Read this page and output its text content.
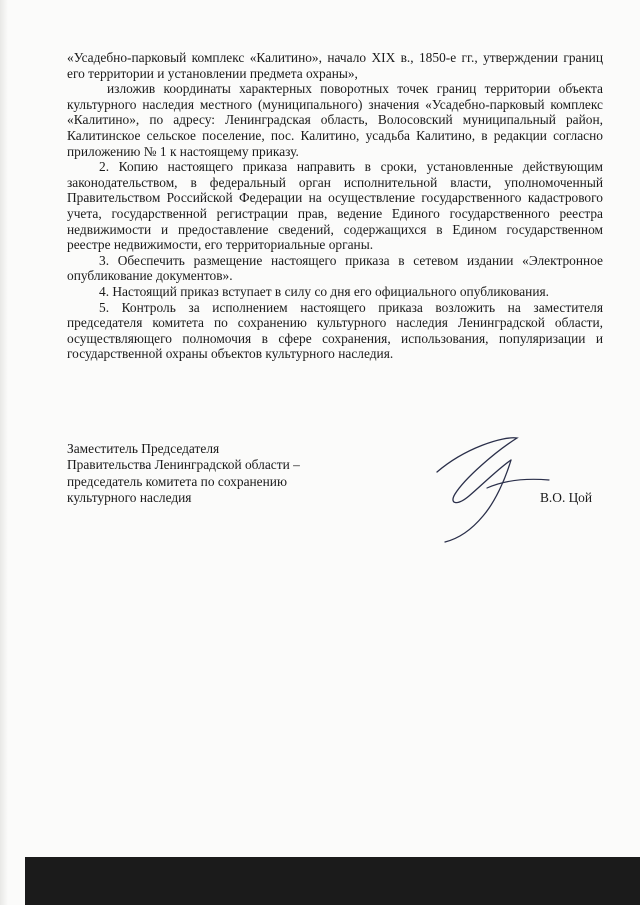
«Усадебно-парковый комплекс «Калитино», начало XIX в., 1850-е гг., утверждении границ его территории и установлении предмета охраны»,

изложив координаты характерных поворотных точек границ территории объекта культурного наследия местного (муниципального) значения «Усадебно-парковый комплекс «Калитино», по адресу: Ленинградская область, Волосовский муниципальный район, Калитинское сельское поселение, пос. Калитино, усадьба Калитино, в редакции согласно приложению № 1 к настоящему приказу.

2. Копию настоящего приказа направить в сроки, установленные действующим законодательством, в федеральный орган исполнительной власти, уполномоченный Правительством Российской Федерации на осуществление государственного кадастрового учета, государственной регистрации прав, ведение Единого государственного реестра недвижимости и предоставление сведений, содержащихся в Едином государственном реестре недвижимости, его территориальные органы.

3. Обеспечить размещение настоящего приказа в сетевом издании «Электронное опубликование документов».

4. Настоящий приказ вступает в силу со дня его официального опубликования.

5. Контроль за исполнением настоящего приказа возложить на заместителя председателя комитета по сохранению культурного наследия Ленинградской области, осуществляющего полномочия в сфере сохранения, использования, популяризации и государственной охраны объектов культурного наследия.

Заместитель Председателя
Правительства Ленинградской области –
председатель комитета по сохранению
культурного наследия	В.О. Цой
